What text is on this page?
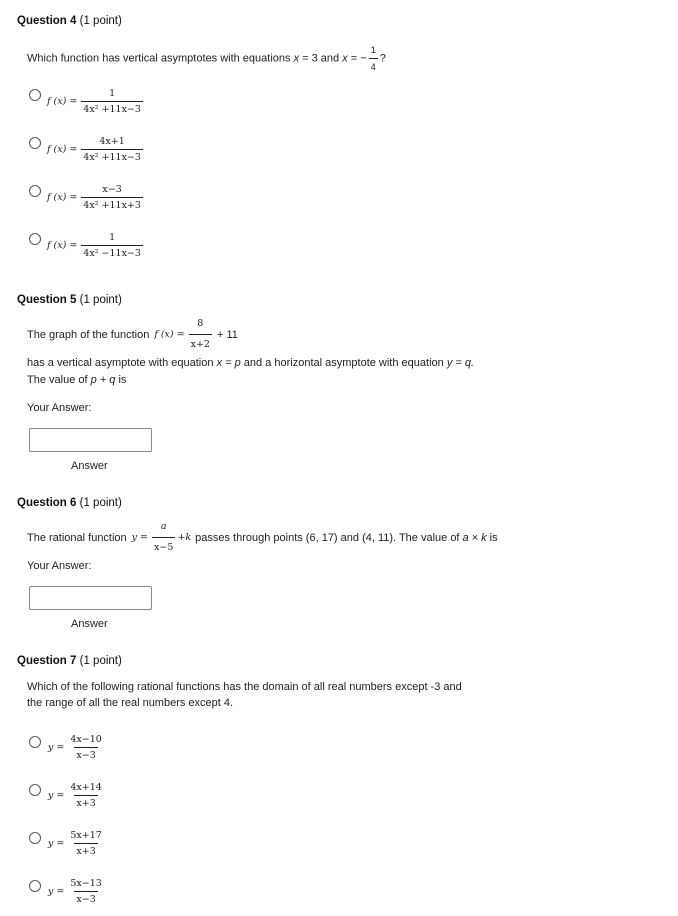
Question 4 (1 point)
Which function has vertical asymptotes with equations x = 3 and x = − $\frac{1}{4}$ ?
f $(x) = \frac{1}{\text{4x² +11x−3}}$
f $(x) = \frac{4x+1}{\text{4x² +11x−3}}$
f $(x) = \frac{x-3}{\text{4x² +11x+3}}$
f $(x) = \frac{1}{\text{4x² −11x−3}}$
Question 5 (1 point)
The graph of the function f $(x) = \frac{8}{x+2} + 11$
has a vertical asymptote with equation x = p and a horizontal asymptote with equation y = q.
The value of p + q is
Your Answer:
Answer
Question 6 (1 point)
The rational function $y = \frac{a}{x-5} +k$ passes through points (6, 17) and (4, 11). The value of a × k is
Your Answer:
Answer
Question 7 (1 point)
Which of the following rational functions has the domain of all real numbers except -3 and
the range of all the real numbers except 4.
$y = \frac{4x-10}{x-3}$
$y = \frac{4x+14}{x+3}$
$y = \frac{5x+17}{x+3}$
$y = \frac{5x-13}{x-3}$
